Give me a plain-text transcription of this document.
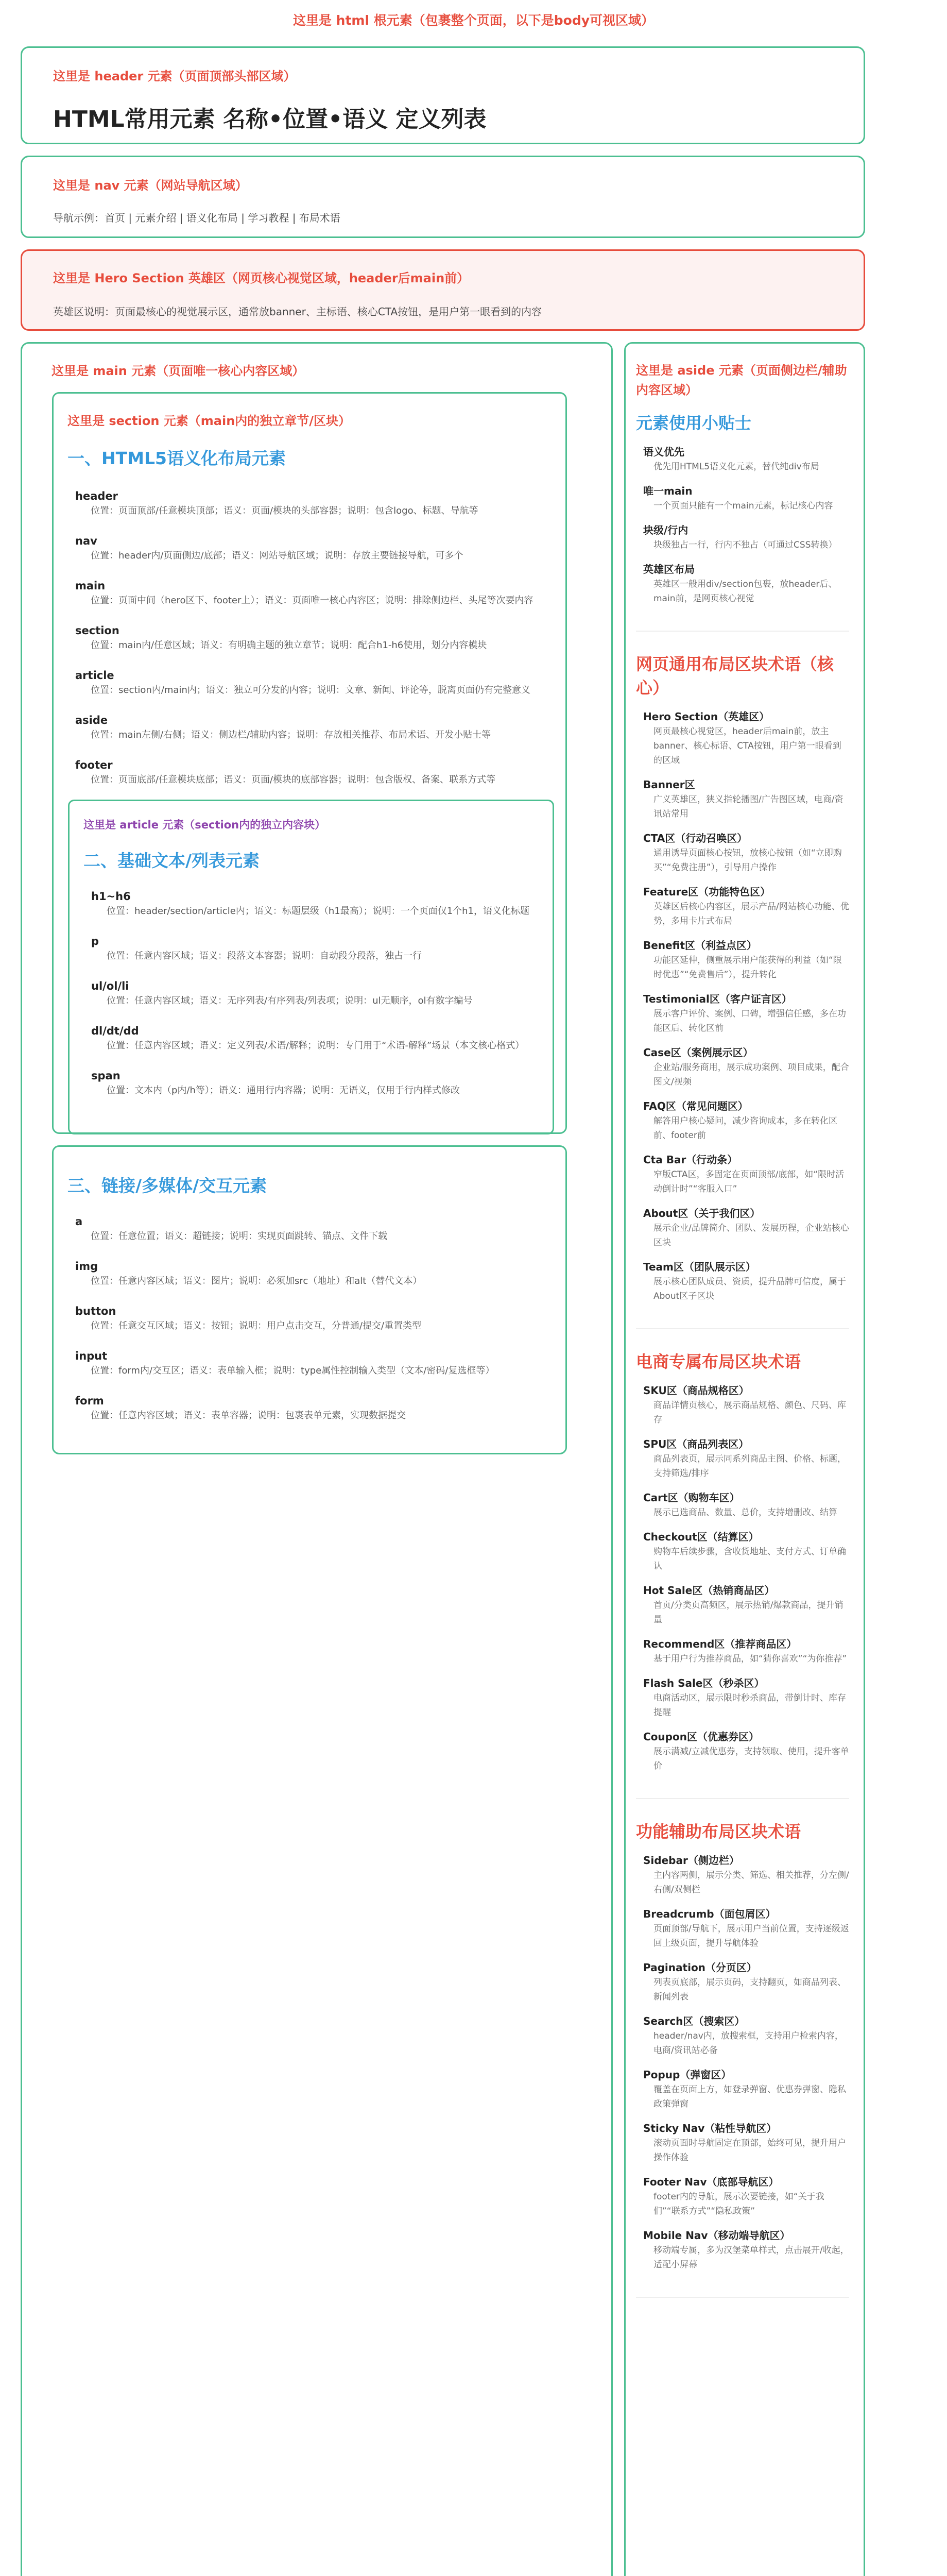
这里是 html 根元素（包裹整个页面，以下是body可视区域）
这里是 header 元素（页面顶部头部区域）
HTML常用元素 名称•位置•语义 定义列表
这里是 nav 元素（网站导航区域）
导航示例：首页 | 元素介绍 | 语义化布局 | 学习教程 | 布局术语
这里是 Hero Section 英雄区（网页核心视觉区域，header后main前）
英雄区说明：页面最核心的视觉展示区，通常放banner、主标语、核心CTA按钮，是用户第一眼看到的内容
这里是 main 元素（页面唯一核心内容区域）
这里是 section 元素（main内的独立章节/区块）
一、HTML5语义化布局元素
header
位置：页面顶部/任意模块顶部；语义：页面/模块的头部容器；说明：包含logo、标题、导航等
nav
位置：header内/页面侧边/底部；语义：网站导航区域；说明：存放主要链接导航，可多个
main
位置：页面中间（hero区下、footer上）；语义：页面唯一核心内容区；说明：排除侧边栏、头尾等次要内容
section
位置：main内/任意区域；语义：有明确主题的独立章节；说明：配合h1-h6使用，划分内容模块
article
位置：section内/main内；语义：独立可分发的内容；说明：文章、新闻、评论等，脱离页面仍有完整意义
aside
位置：main左侧/右侧；语义：侧边栏/辅助内容；说明：存放相关推荐、布局术语、开发小贴士等
footer
位置：页面底部/任意模块底部；语义：页面/模块的底部容器；说明：包含版权、备案、联系方式等
这里是 article 元素（section内的独立内容块）
二、基础文本/列表元素
h1~h6
位置：header/section/article内；语义：标题层级（h1最高）；说明：一个页面仅1个h1，语义化标题
p
位置：任意内容区域；语义：段落文本容器；说明：自动段分段落，独占一行
ul/ol/li
位置：任意内容区域；语义：无序列表/有序列表/列表项；说明：ul无顺序，ol有数字编号
dl/dt/dd
位置：任意内容区域；语义：定义列表/术语/解释；说明：专门用于“术语-解释”场景（本文核心格式）
span
位置：文本内（p内/h等）；语义：通用行内容器；说明：无语义，仅用于行内样式修改
三、链接/多媒体/交互元素
a
位置：任意位置；语义：超链接；说明：实现页面跳转、锚点、文件下载
img
位置：任意内容区域；语义：图片；说明：必须加src（地址）和alt（替代文本）
button
位置：任意交互区域；语义：按钮；说明：用户点击交互，分普通/提交/重置类型
input
位置：form内/交互区；语义：表单输入框；说明：type属性控制输入类型（文本/密码/复选框等）
form
位置：任意内容区域；语义：表单容器；说明：包裹表单元素，实现数据提交
这里是 aside 元素（页面侧边栏/辅助内容区域）
元素使用小贴士
语义优先
优先用HTML5语义化元素，替代纯div布局
唯一main
一个页面只能有一个main元素，标记核心内容
块级/行内
块级独占一行，行内不独占（可通过CSS转换）
英雄区布局
英雄区一般用div/section包裹，放header后、main前，是网页核心视觉
网页通用布局区块术语（核心）
Hero Section（英雄区）
网页最核心视觉区，header后main前，放主banner、核心标语、CTA按钮，用户第一眼看到的区域
Banner区
广义英雄区，狭义指轮播图/广告图区域，电商/资讯站常用
CTA区（行动召唤区）
通用诱导页面核心按钮，放核心按钮（如“立即购买”“免费注册”），引导用户操作
Feature区（功能特色区）
英雄区后核心内容区，展示产品/网站核心功能、优势，多用卡片式布局
Benefit区（利益点区）
功能区延伸，侧重展示用户能获得的利益（如“限时优惠”“免费售后”），提升转化
Testimonial区（客户证言区）
展示客户评价、案例、口碑，增强信任感，多在功能区后、转化区前
Case区（案例展示区）
企业站/服务商用，展示成功案例、项目成果，配合图文/视频
FAQ区（常见问题区）
解答用户核心疑问，减少咨询成本，多在转化区前、footer前
Cta Bar（行动条）
窄版CTA区，多固定在页面顶部/底部，如“限时活动倒计时”“客服入口”
About区（关于我们区）
展示企业/品牌简介、团队、发展历程，企业站核心区块
Team区（团队展示区）
展示核心团队成员、资质，提升品牌可信度，属于About区子区块
电商专属布局区块术语
SKU区（商品规格区）
商品详情页核心，展示商品规格、颜色、尺码、库存
SPU区（商品列表区）
商品列表页，展示同系列商品主图、价格、标题，支持筛选/排序
Cart区（购物车区）
展示已选商品、数量、总价，支持增删改、结算
Checkout区（结算区）
购物车后续步骤，含收货地址、支付方式、订单确认
Hot Sale区（热销商品区）
首页/分类页高频区，展示热销/爆款商品，提升销量
Recommend区（推荐商品区）
基于用户行为推荐商品，如“猜你喜欢”“为你推荐”
Flash Sale区（秒杀区）
电商活动区，展示限时秒杀商品，带倒计时、库存提醒
Coupon区（优惠券区）
展示满减/立减优惠券，支持领取、使用，提升客单价
功能辅助布局区块术语
Sidebar（侧边栏）
主内容两侧，展示分类、筛选、相关推荐，分左侧/右侧/双侧栏
Breadcrumb（面包屑区）
页面顶部/导航下，展示用户当前位置，支持逐级返回上级页面，提升导航体验
Pagination（分页区）
列表页底部，展示页码，支持翻页，如商品列表、新闻列表
Search区（搜索区）
header/nav内，放搜索框，支持用户检索内容，电商/资讯站必备
Popup（弹窗区）
覆盖在页面上方，如登录弹窗、优惠券弹窗、隐私政策弹窗
Sticky Nav（粘性导航区）
滚动页面时导航固定在顶部，始终可见，提升用户操作体验
Footer Nav（底部导航区）
footer内的导航，展示次要链接，如“关于我们”“联系方式”“隐私政策”
Mobile Nav（移动端导航区）
移动端专属，多为汉堡菜单样式，点击展开/收起，适配小屏幕
